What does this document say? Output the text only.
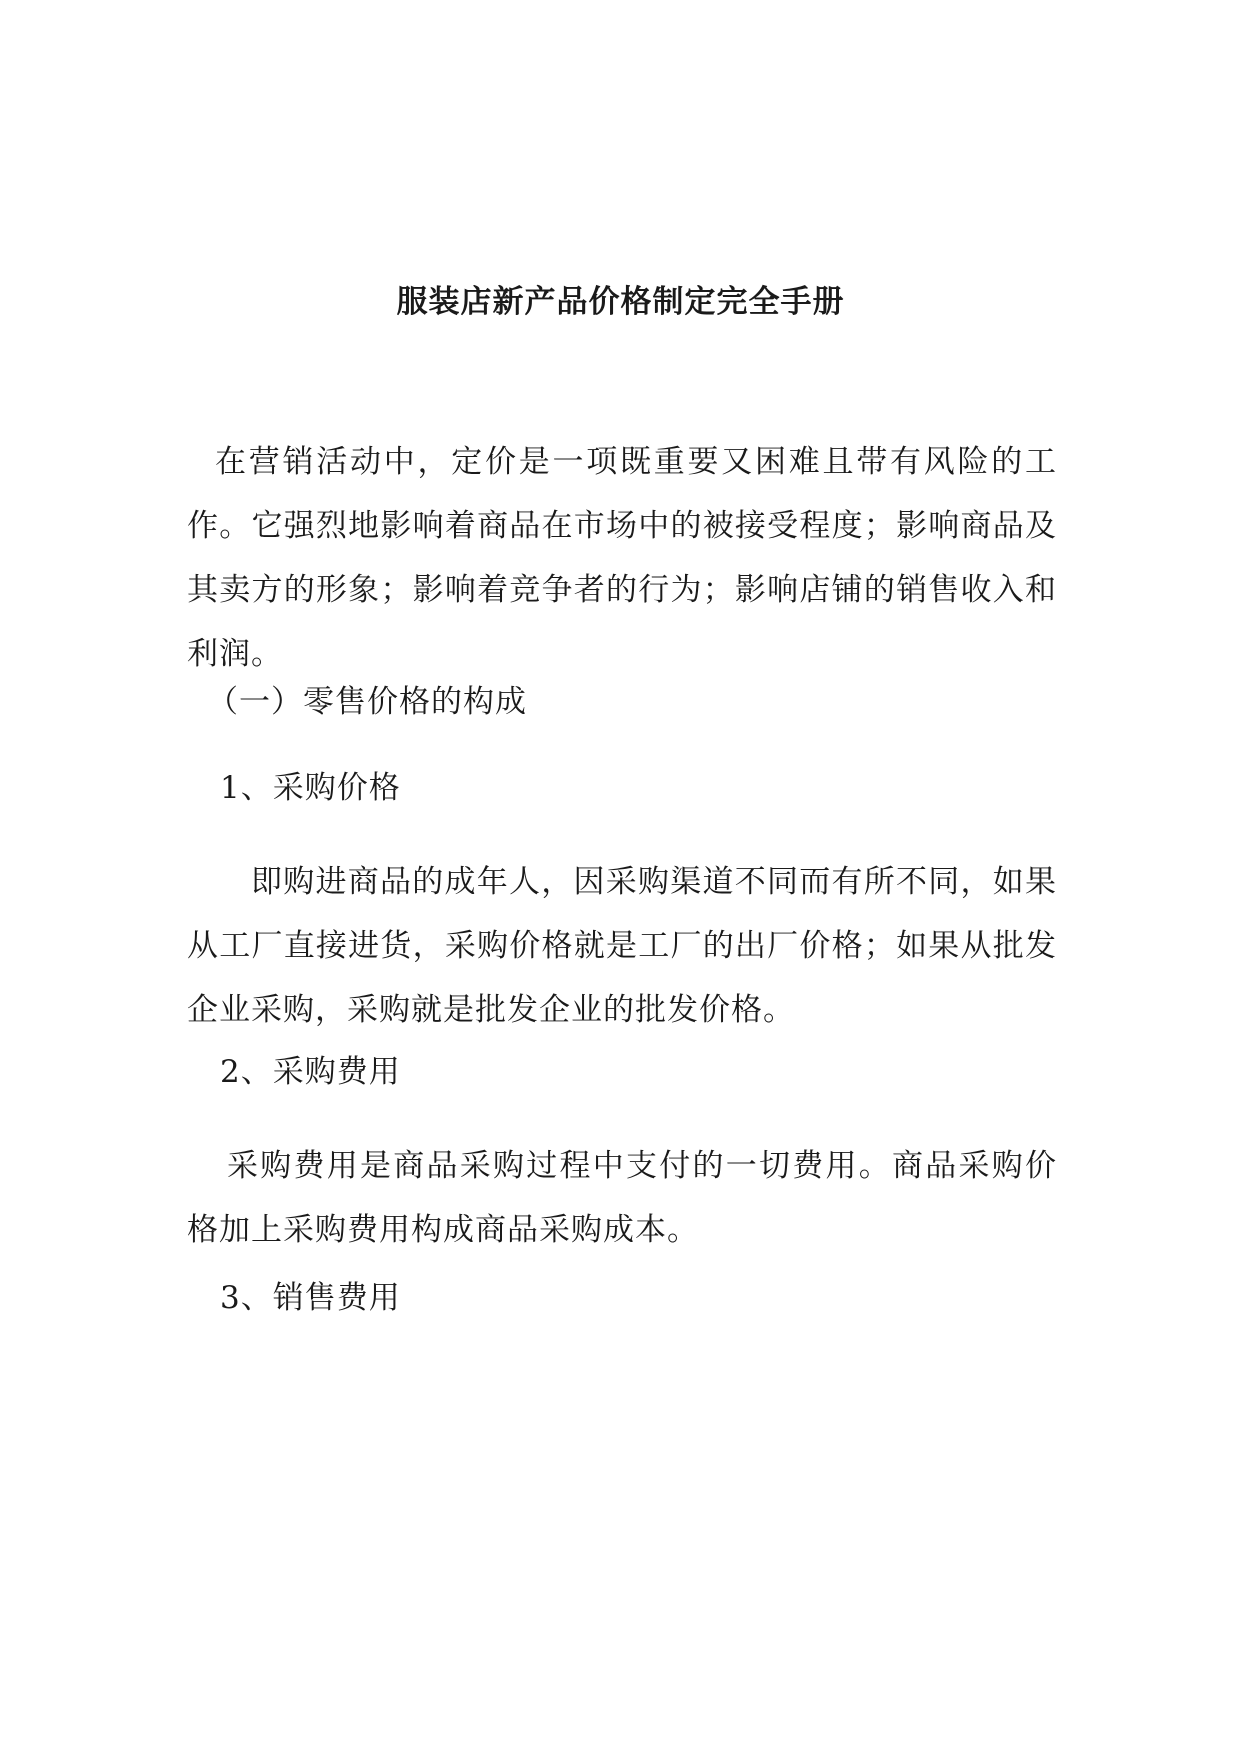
服装店新产品价格制定完全手册

在营销活动中，定价是一项既重要又困难且带有风险的工作。它强烈地影响着商品在市场中的被接受程度；影响商品及其卖方的形象；影响着竞争者的行为；影响店铺的销售收入和利润。

（一）零售价格的构成
1、采购价格

即购进商品的成年人，因采购渠道不同而有所不同，如果从工厂直接进货，采购价格就是工厂的出厂价格；如果从批发企业采购，采购就是批发企业的批发价格。

2、采购费用

采购费用是商品采购过程中支付的一切费用。商品采购价格加上采购费用构成商品采购成本。

3、销售费用
